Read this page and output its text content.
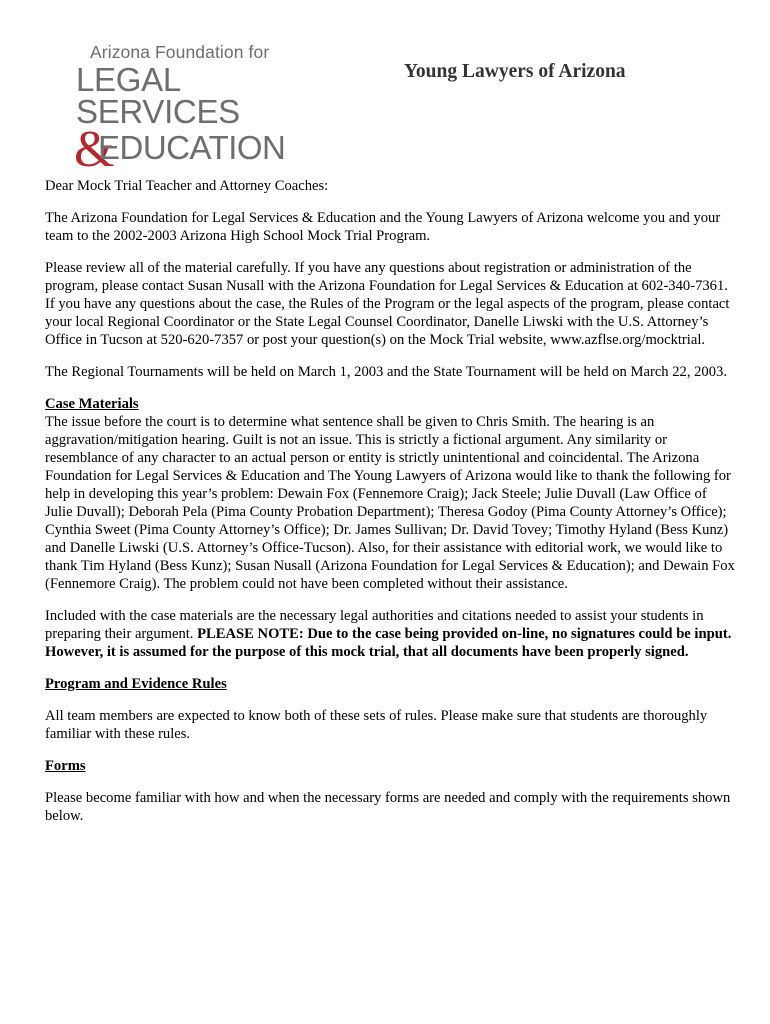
Arizona Foundation for
LEGAL SERVICES
&
EDUCATION
Young Lawyers of Arizona

Dear Mock Trial Teacher and Attorney Coaches:

The Arizona Foundation for Legal Services & Education and the Young Lawyers of Arizona welcome you and your team to the 2002-2003 Arizona High School Mock Trial Program.

Please review all of the material carefully. If you have any questions about registration or administration of the program, please contact Susan Nusall with the Arizona Foundation for Legal Services & Education at 602-340-7361. If you have any questions about the case, the Rules of the Program or the legal aspects of the program, please contact your local Regional Coordinator or the State Legal Counsel Coordinator, Danelle Liwski with the U.S. Attorney’s Office in Tucson at 520-620-7357 or post your question(s) on the Mock Trial website, www.azflse.org/mocktrial.

The Regional Tournaments will be held on March 1, 2003 and the State Tournament will be held on March 22, 2003.

Case Materials

The issue before the court is to determine what sentence shall be given to Chris Smith. The hearing is an aggravation/mitigation hearing. Guilt is not an issue. This is strictly a fictional argument. Any similarity or resemblance of any character to an actual person or entity is strictly unintentional and coincidental. The Arizona Foundation for Legal Services & Education and The Young Lawyers of Arizona would like to thank the following for help in developing this year’s problem: Dewain Fox (Fennemore Craig); Jack Steele; Julie Duvall (Law Office of Julie Duvall); Deborah Pela (Pima County Probation Department); Theresa Godoy (Pima County Attorney’s Office); Cynthia Sweet (Pima County Attorney’s Office); Dr. James Sullivan; Dr. David Tovey; Timothy Hyland (Bess Kunz) and Danelle Liwski (U.S. Attorney’s Office-Tucson). Also, for their assistance with editorial work, we would like to thank Tim Hyland (Bess Kunz); Susan Nusall (Arizona Foundation for Legal Services & Education); and Dewain Fox (Fennemore Craig). The problem could not have been completed without their assistance.

Included with the case materials are the necessary legal authorities and citations needed to assist your students in preparing their argument. PLEASE NOTE: Due to the case being provided on-line, no signatures could be input. However, it is assumed for the purpose of this mock trial, that all documents have been properly signed.

Program and Evidence Rules

All team members are expected to know both of these sets of rules. Please make sure that students are thoroughly familiar with these rules.

Forms

Please become familiar with how and when the necessary forms are needed and comply with the requirements shown below.
